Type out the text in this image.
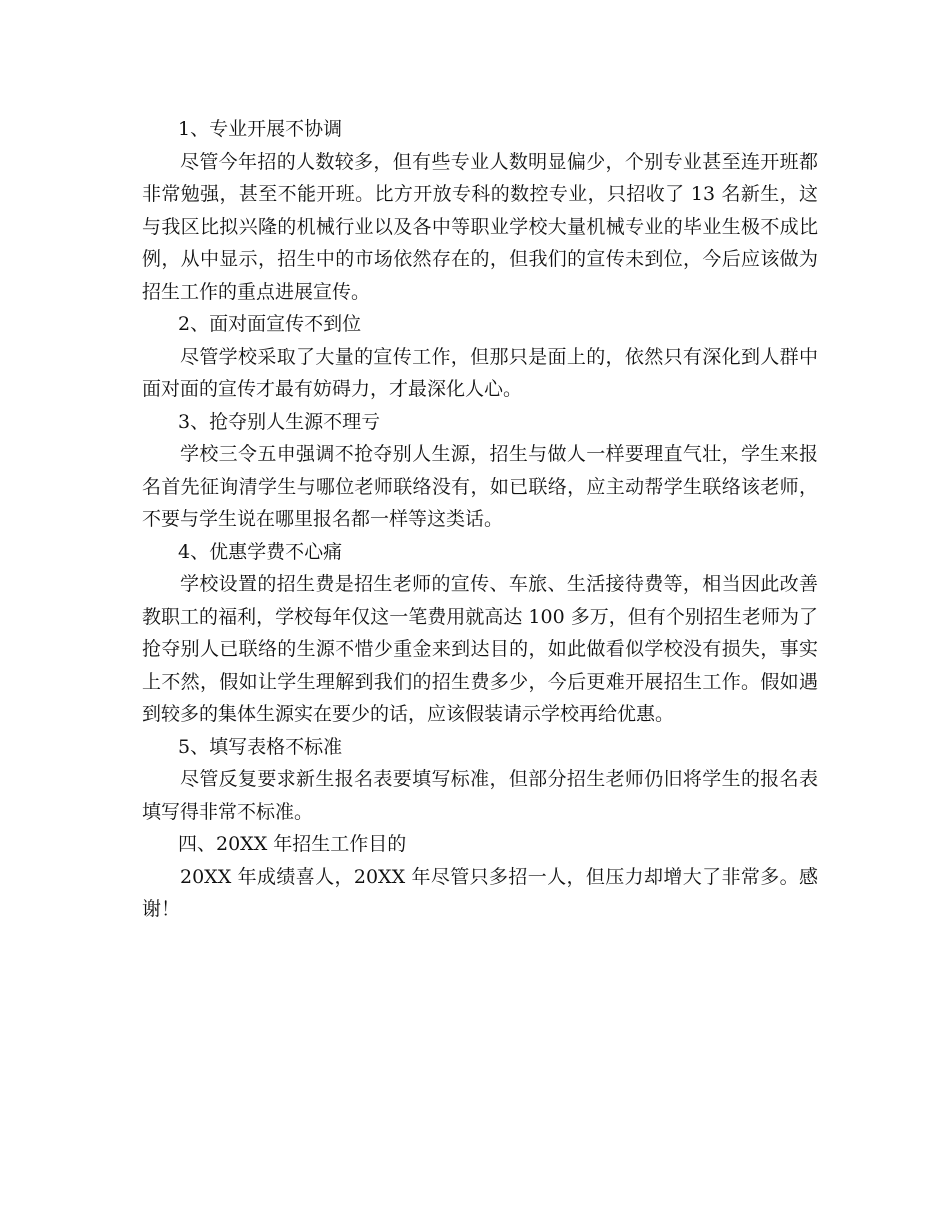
1、专业开展不协调

尽管今年招的人数较多，但有些专业人数明显偏少，个别专业甚至连开班都非常勉强，甚至不能开班。比方开放专科的数控专业，只招收了 13 名新生，这与我区比拟兴隆的机械行业以及各中等职业学校大量机械专业的毕业生极不成比例，从中显示，招生中的市场依然存在的，但我们的宣传未到位，今后应该做为招生工作的重点进展宣传。

2、面对面宣传不到位

尽管学校采取了大量的宣传工作，但那只是面上的，依然只有深化到人群中面对面的宣传才最有妨碍力，才最深化人心。

3、抢夺别人生源不理亏

学校三令五申强调不抢夺别人生源，招生与做人一样要理直气壮，学生来报名首先征询清学生与哪位老师联络没有，如已联络，应主动帮学生联络该老师，不要与学生说在哪里报名都一样等这类话。

4、优惠学费不心痛

学校设置的招生费是招生老师的宣传、车旅、生活接待费等，相当因此改善教职工的福利，学校每年仅这一笔费用就高达 100 多万，但有个别招生老师为了抢夺别人已联络的生源不惜少重金来到达目的，如此做看似学校没有损失，事实上不然，假如让学生理解到我们的招生费多少，今后更难开展招生工作。假如遇到较多的集体生源实在要少的话，应该假装请示学校再给优惠。

5、填写表格不标准

尽管反复要求新生报名表要填写标准，但部分招生老师仍旧将学生的报名表填写得非常不标准。

四、20XX 年招生工作目的

20XX 年成绩喜人，20XX 年尽管只多招一人，但压力却增大了非常多。感谢！
